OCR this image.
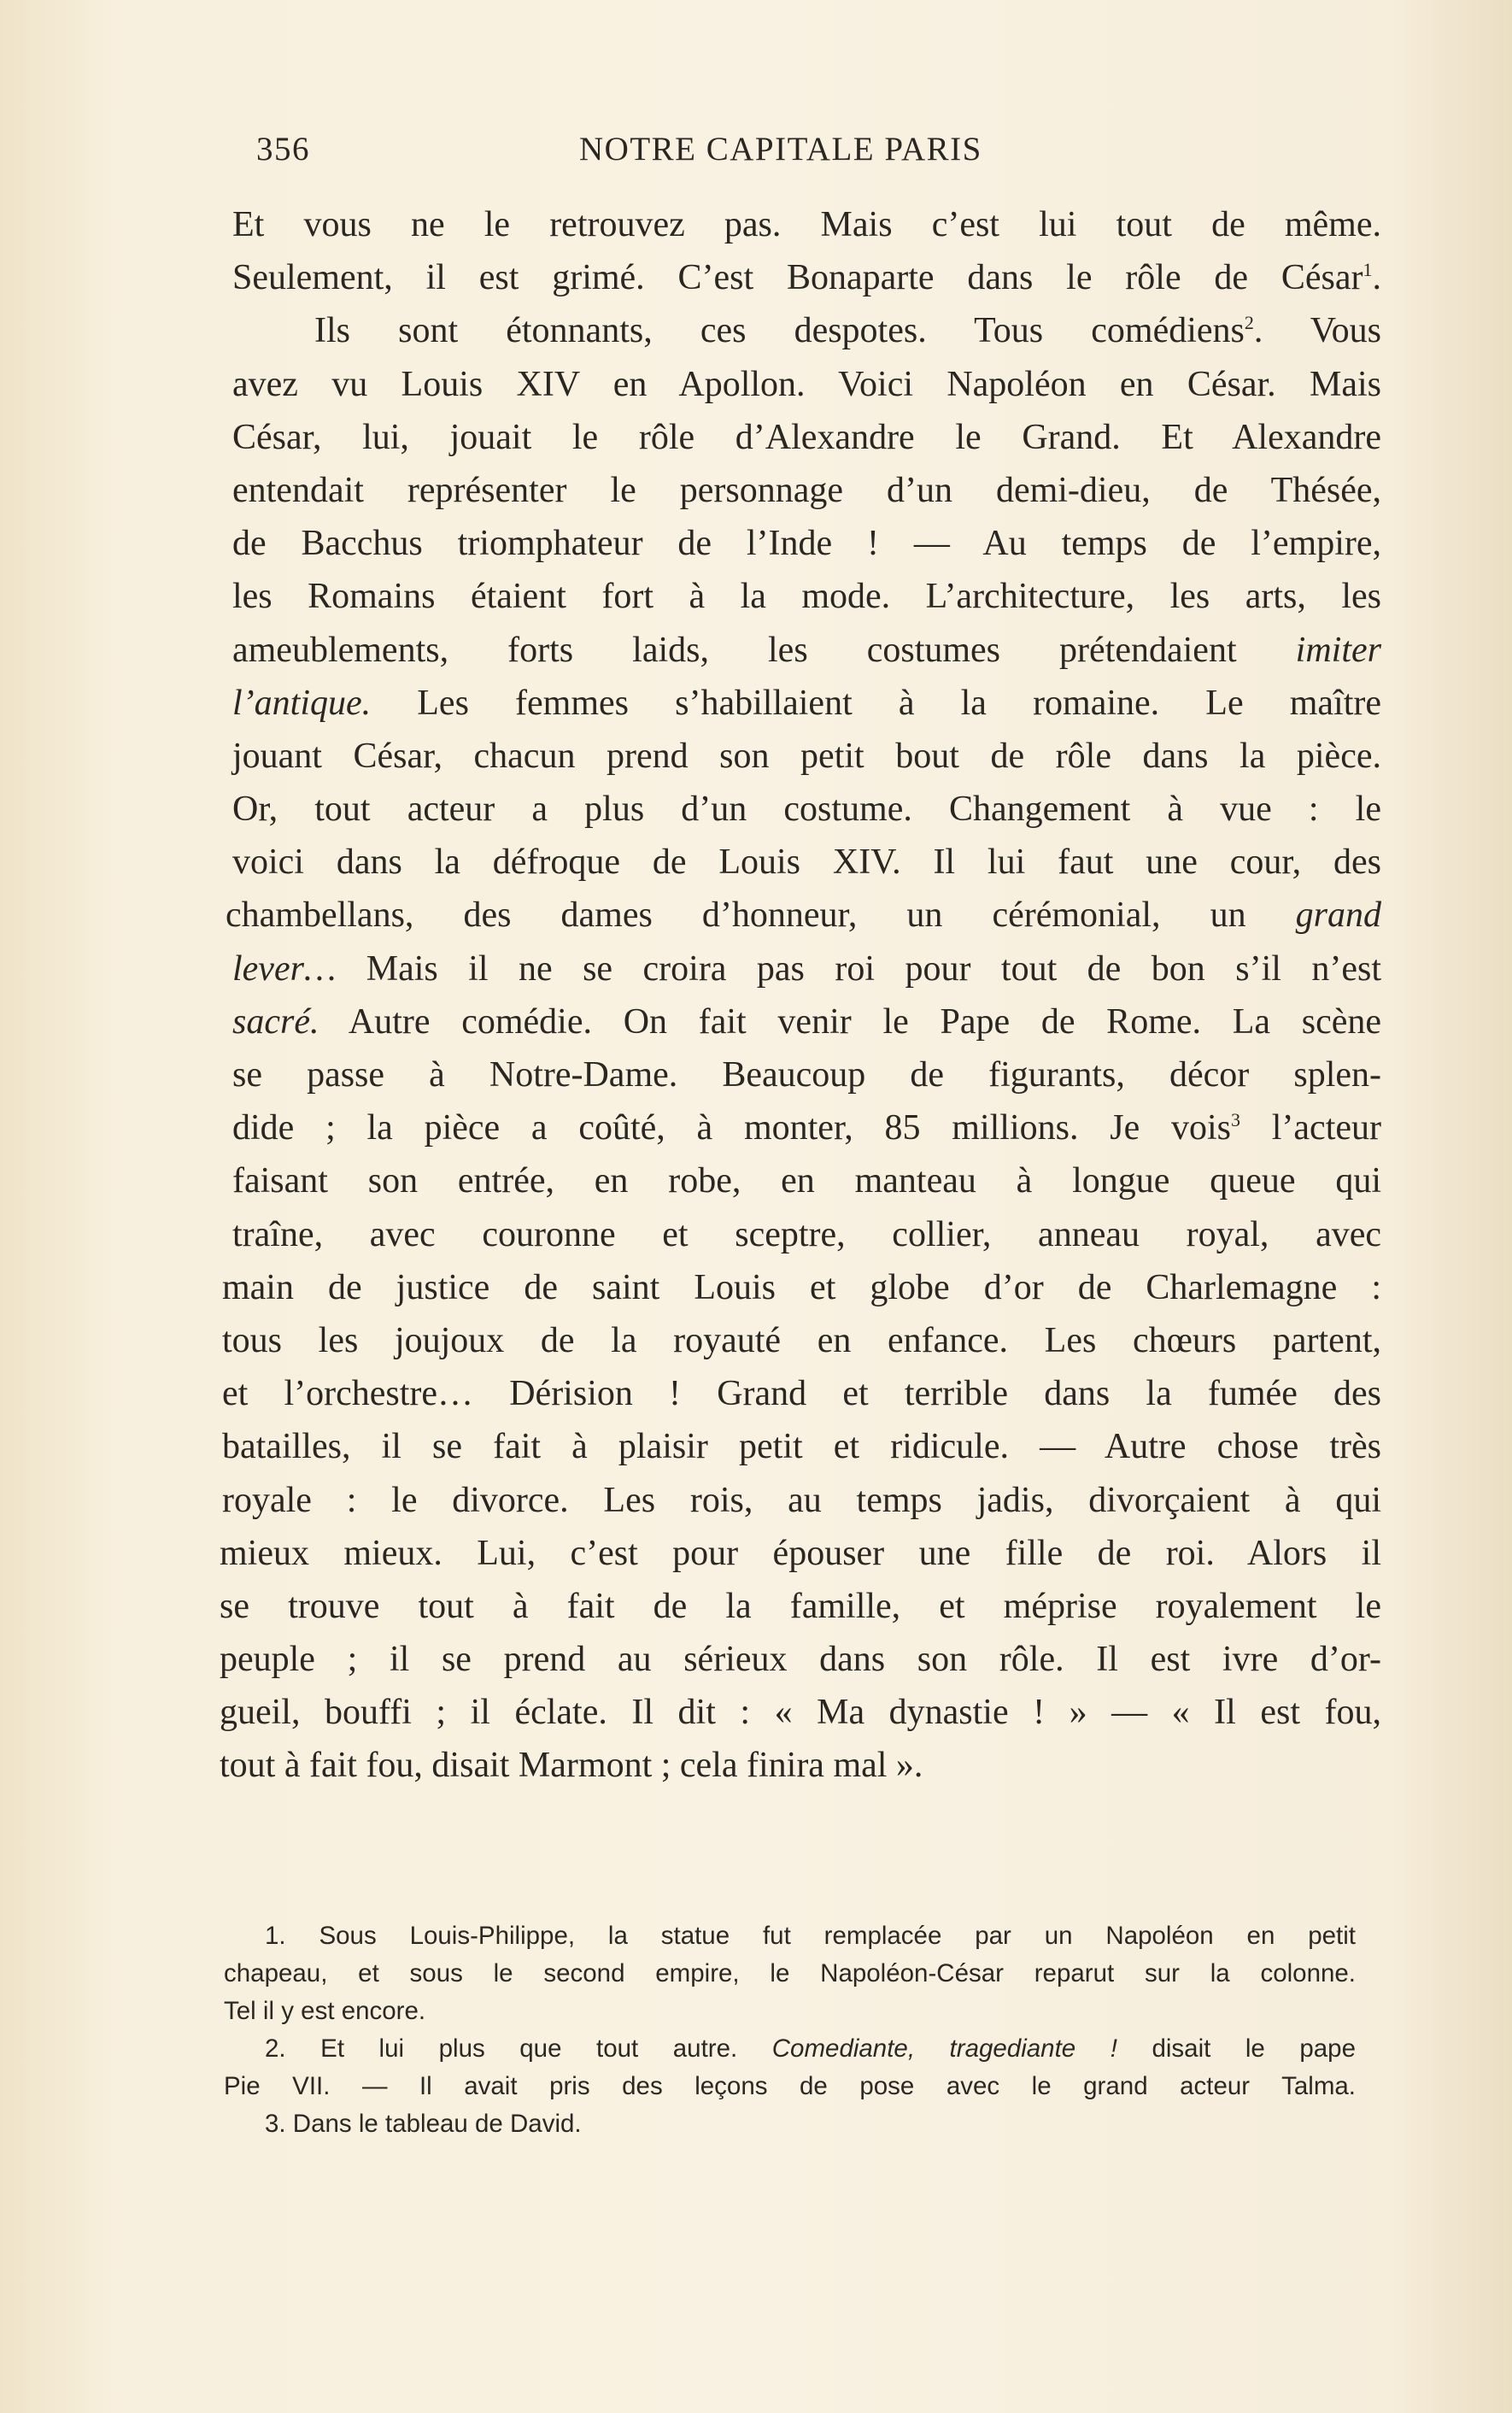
356	NOTRE CAPITALE PARIS
Et vous ne le retrouvez pas. Mais c’est lui tout de même.
Seulement, il est grimé. C’est Bonaparte dans le rôle de César$^1$.
Ils sont étonnants, ces despotes. Tous comédiens$^2$. Vous
avez vu Louis XIV en Apollon. Voici Napoléon en César. Mais
César, lui, jouait le rôle d’Alexandre le Grand. Et Alexandre
entendait représenter le personnage d’un demi-dieu, de Thésée,
de Bacchus triomphateur de l’Inde ! — Au temps de l’empire,
les Romains étaient fort à la mode. L’architecture, les arts, les
ameublements, forts laids, les costumes prétendaient imiter
l’antique. Les femmes s’habillaient à la romaine. Le maître
jouant César, chacun prend son petit bout de rôle dans la pièce.
Or, tout acteur a plus d’un costume. Changement à vue : le
voici dans la défroque de Louis XIV. Il lui faut une cour, des
chambellans, des dames d’honneur, un cérémonial, un grand
lever… Mais il ne se croira pas roi pour tout de bon s’il n’est
sacré. Autre comédie. On fait venir le Pape de Rome. La scène
se passe à Notre-Dame. Beaucoup de figurants, décor splen-
dide ; la pièce a coûté, à monter, 85 millions. Je vois$^3$ l’acteur
faisant son entrée, en robe, en manteau à longue queue qui
traîne, avec couronne et sceptre, collier, anneau royal, avec
main de justice de saint Louis et globe d’or de Charlemagne :
tous les joujoux de la royauté en enfance. Les chœurs partent,
et l’orchestre… Dérision ! Grand et terrible dans la fumée des
batailles, il se fait à plaisir petit et ridicule. — Autre chose très
royale : le divorce. Les rois, au temps jadis, divorçaient à qui
mieux mieux. Lui, c’est pour épouser une fille de roi. Alors il
se trouve tout à fait de la famille, et méprise royalement le
peuple ; il se prend au sérieux dans son rôle. Il est ivre d’or-
gueil, bouffi ; il éclate. Il dit : « Ma dynastie ! » — « Il est fou,
tout à fait fou, disait Marmont ; cela finira mal ».
1. Sous Louis-Philippe, la statue fut remplacée par un Napoléon en petit
chapeau, et sous le second empire, le Napoléon-César reparut sur la colonne.
Tel il y est encore.
2. Et lui plus que tout autre. Comediante, tragediante ! disait le pape
Pie VII. — Il avait pris des leçons de pose avec le grand acteur Talma.
3. Dans le tableau de David.
